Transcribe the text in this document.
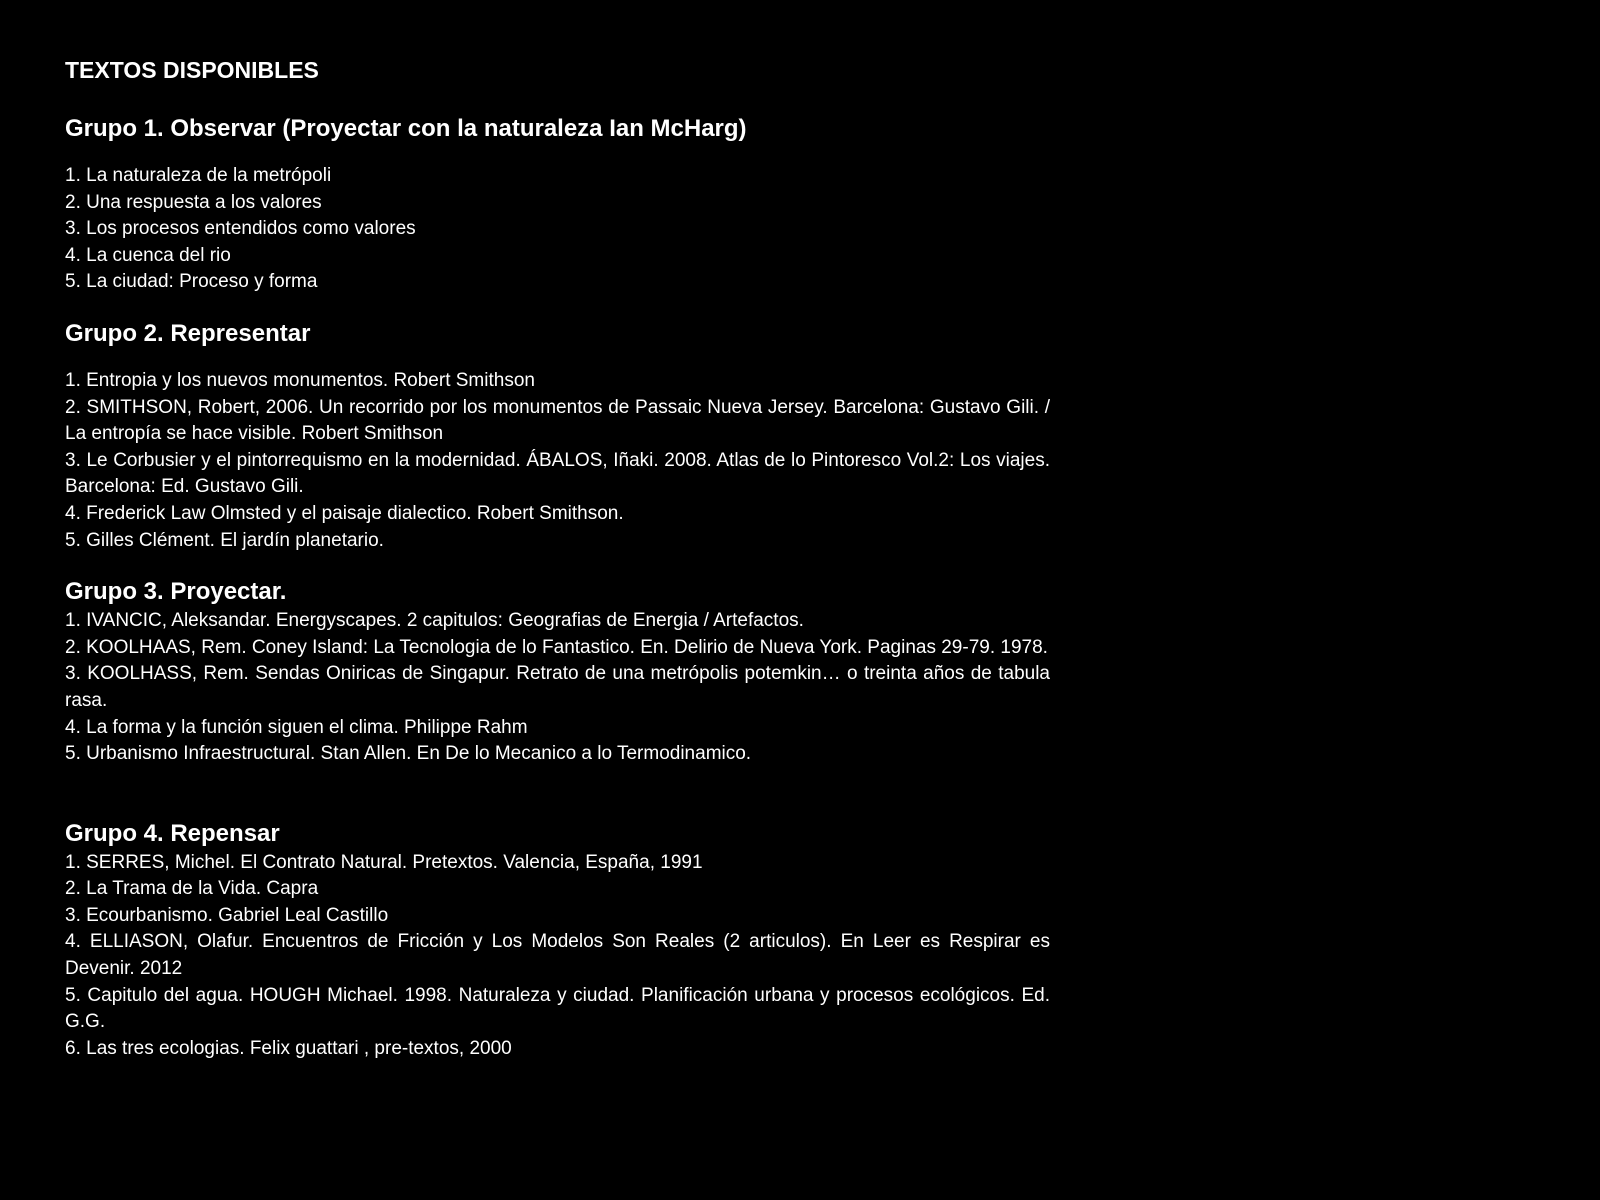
TEXTOS DISPONIBLES
Grupo 1. Observar (Proyectar con la naturaleza Ian McHarg)
1. La naturaleza de la metrópoli
2. Una respuesta a los valores
3. Los procesos entendidos como valores
4. La cuenca del rio
5. La ciudad: Proceso y forma
Grupo 2. Representar
1. Entropia y los nuevos monumentos. Robert Smithson
2. SMITHSON, Robert, 2006. Un recorrido por los monumentos de Passaic Nueva Jersey. Barcelona: Gustavo Gili. / La entropía se hace visible. Robert Smithson
3. Le Corbusier y el pintorrequismo en la modernidad. ÁBALOS, Iñaki. 2008. Atlas de lo Pintoresco Vol.2: Los viajes. Barcelona: Ed. Gustavo Gili.
4. Frederick Law Olmsted y el paisaje dialectico. Robert Smithson.
5. Gilles Clément. El jardín planetario.
Grupo 3. Proyectar.
1. IVANCIC, Aleksandar. Energyscapes. 2 capitulos: Geografias de Energia / Artefactos.
2. KOOLHAAS, Rem. Coney Island: La Tecnologia de lo Fantastico. En. Delirio de Nueva York. Paginas 29-79. 1978.
3. KOOLHASS, Rem. Sendas Oniricas de Singapur. Retrato de una metrópolis potemkin… o treinta años de tabula rasa.
4. La forma y la función siguen el clima. Philippe Rahm
5. Urbanismo Infraestructural. Stan Allen. En De lo Mecanico a lo Termodinamico.
Grupo 4. Repensar
1. SERRES, Michel. El Contrato Natural. Pretextos. Valencia, España, 1991
2. La Trama de la Vida. Capra
3. Ecourbanismo. Gabriel Leal Castillo
4. ELLIASON, Olafur. Encuentros de Fricción y Los Modelos Son Reales (2 articulos). En Leer es Respirar es Devenir. 2012
5. Capitulo del agua. HOUGH Michael. 1998. Naturaleza y ciudad. Planificación urbana y procesos ecológicos. Ed. G.G.
6. Las tres ecologias. Felix guattari , pre-textos, 2000
